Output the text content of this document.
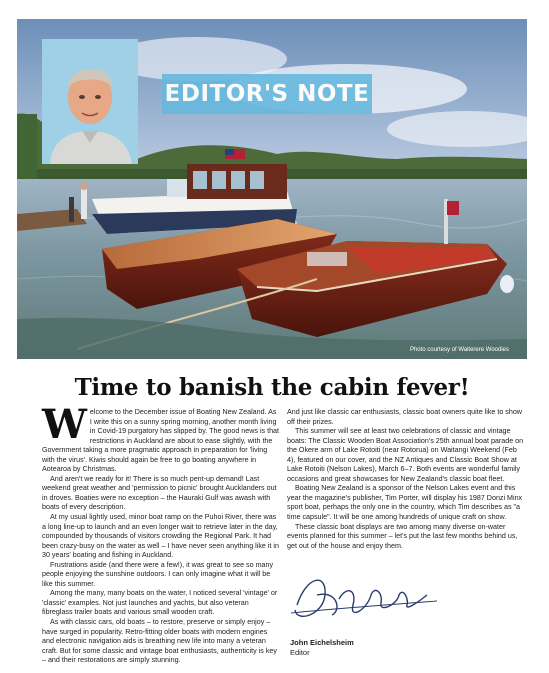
EDITOR'S NOTE
Photo courtesy of Waiterere Woodies
Time to banish the cabin fever!

Welcome to the December issue of Boating New Zealand. As I write this on a sunny spring morning, another month living in Covid-19 purgatory has slipped by. The good news is that restrictions in Auckland are about to ease slightly, with the Government taking a more pragmatic approach in preparation for 'living with the virus'. Kiwis should again be free to go boating anywhere in Aotearoa by Christmas.

And aren't we ready for it! There is so much pent-up demand! Last weekend great weather and 'permission to picnic' brought Aucklanders out in droves. Boaties were no exception – the Hauraki Gulf was awash with boats of every description.

At my usual lightly used, minor boat ramp on the Puhoi River, there was a long line-up to launch and an even longer wait to retrieve later in the day, compounded by thousands of visitors crowding the Regional Park. It had been crazy-busy on the water as well – I have never seen anything like it in 30 years' boating and fishing in Auckland.

Frustrations aside (and there were a few!), it was great to see so many people enjoying the sunshine outdoors. I can only imagine what it will be like this summer.

Among the many, many boats on the water, I noticed several 'vintage' or 'classic' examples. Not just launches and yachts, but also veteran fibreglass trailer boats and various small wooden craft.

As with classic cars, old boats – to restore, preserve or simply enjoy – have surged in popularity. Retro-fitting older boats with modern engines and electronic navigation aids is breathing new life into many a veteran craft. But for some classic and vintage boat enthusiasts, authenticity is key – and their restorations are simply stunning.

And just like classic car enthusiasts, classic boat owners quite like to show off their prizes.

This summer will see at least two celebrations of classic and vintage boats: The Classic Wooden Boat Association's 25th annual boat parade on the Okere arm of Lake Rotoiti (near Rotorua) on Waitangi Weekend (Feb 4), featured on our cover, and the NZ Antiques and Classic Boat Show at Lake Rotoiti (Nelson Lakes), March 6–7. Both events are wonderful family occasions and great showcases for New Zealand's classic boat fleet.

Boating New Zealand is a sponsor of the Nelson Lakes event and this year the magazine's publisher, Tim Porter, will display his 1987 Donzi Minx sport boat, perhaps the only one in the country, which Tim describes as "a time capsule". It will be one among hundreds of unique craft on show.

These classic boat displays are two among many diverse on-water events planned for this summer – let's put the last few months behind us, get out of the house and enjoy them.

John Eichelsheim
Editor
